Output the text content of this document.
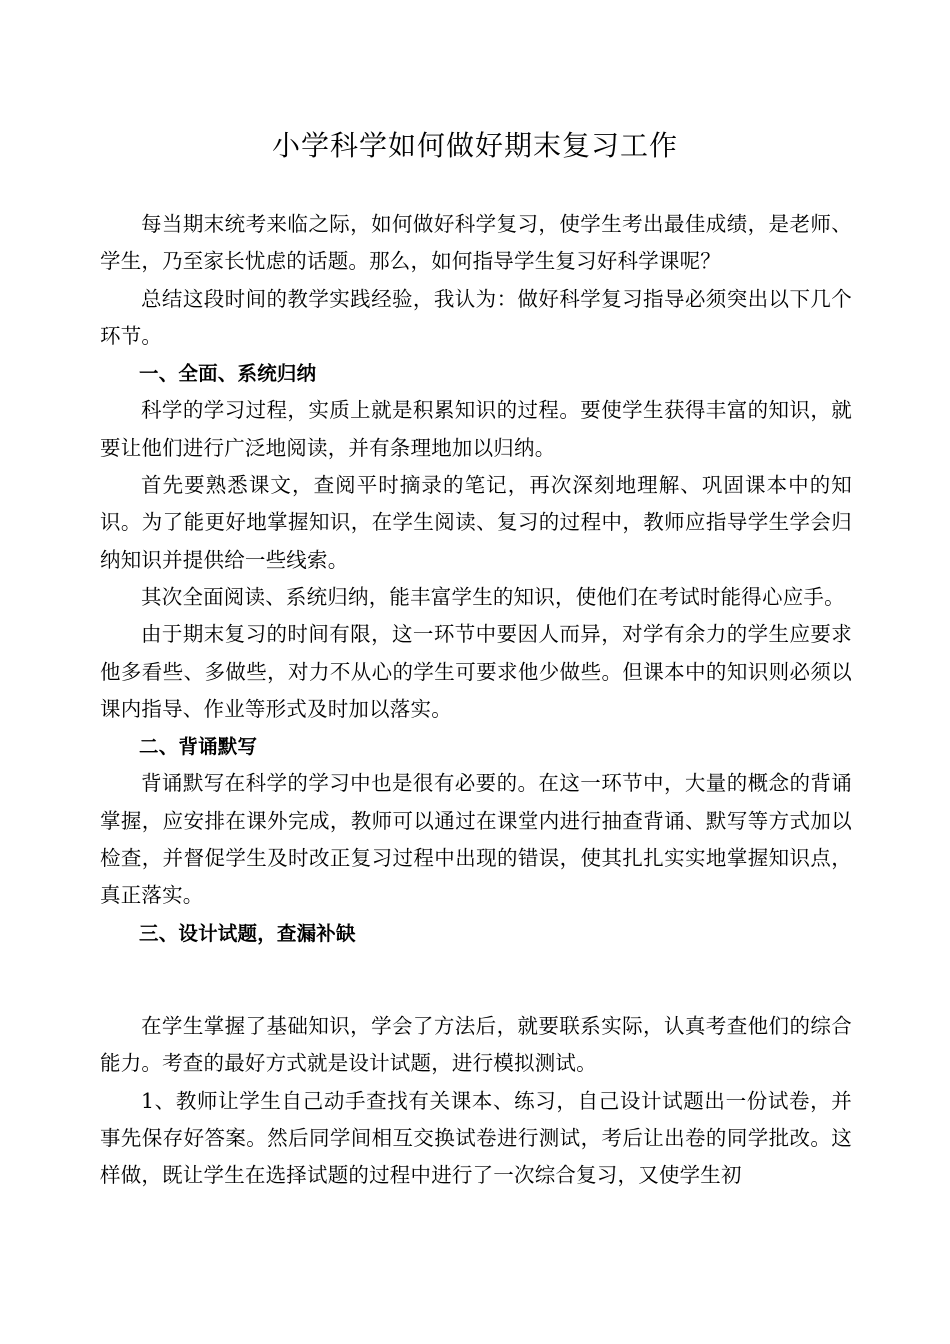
小学科学如何做好期末复习工作

每当期末统考来临之际，如何做好科学复习，使学生考出最佳成绩，是老师、学生，乃至家长忧虑的话题。那么，如何指导学生复习好科学课呢？

总结这段时间的教学实践经验，我认为：做好科学复习指导必须突出以下几个环节。

一、全面、系统归纳

科学的学习过程，实质上就是积累知识的过程。要使学生获得丰富的知识，就要让他们进行广泛地阅读，并有条理地加以归纳。

首先要熟悉课文，查阅平时摘录的笔记，再次深刻地理解、巩固课本中的知识。为了能更好地掌握知识，在学生阅读、复习的过程中，教师应指导学生学会归纳知识并提供给一些线索。

其次全面阅读、系统归纳，能丰富学生的知识，使他们在考试时能得心应手。

由于期末复习的时间有限，这一环节中要因人而异，对学有余力的学生应要求他多看些、多做些，对力不从心的学生可要求他少做些。但课本中的知识则必须以课内指导、作业等形式及时加以落实。

二、背诵默写

背诵默写在科学的学习中也是很有必要的。在这一环节中，大量的概念的背诵掌握，应安排在课外完成，教师可以通过在课堂内进行抽查背诵、默写等方式加以检查，并督促学生及时改正复习过程中出现的错误，使其扎扎实实地掌握知识点，真正落实。

三、设计试题，查漏补缺

在学生掌握了基础知识，学会了方法后，就要联系实际，认真考查他们的综合能力。考查的最好方式就是设计试题，进行模拟测试。

1、教师让学生自己动手查找有关课本、练习，自己设计试题出一份试卷，并事先保存好答案。然后同学间相互交换试卷进行测试，考后让出卷的同学批改。这样做，既让学生在选择试题的过程中进行了一次综合复习，又使学生初
